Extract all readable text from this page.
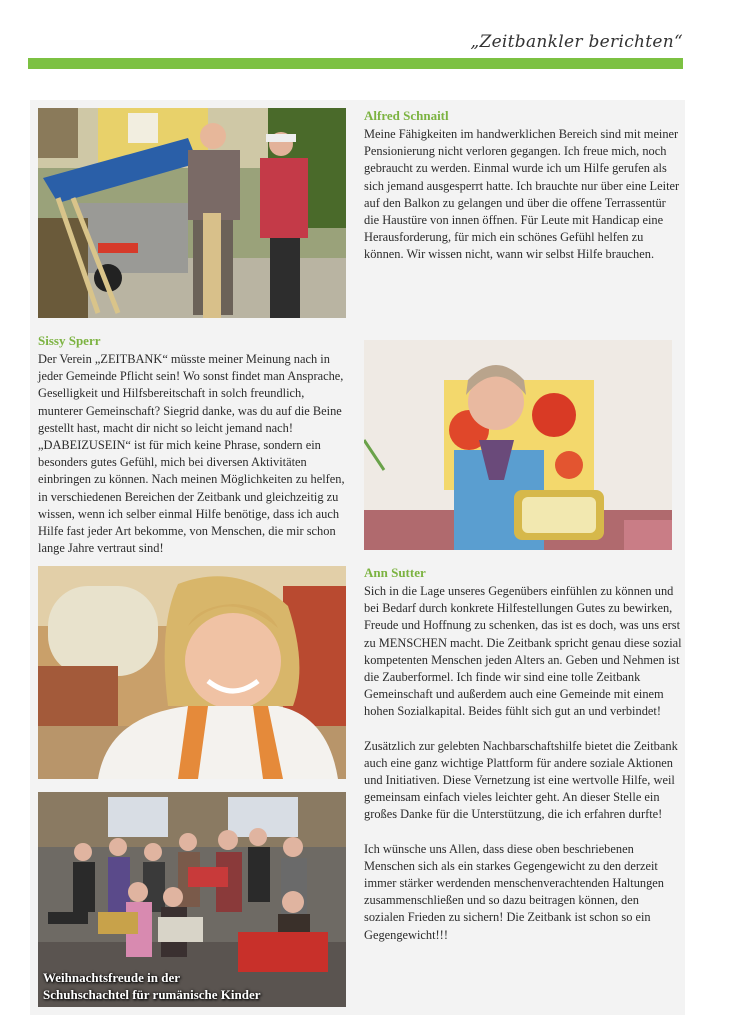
„Zeitbankler berichten“

Alfred Schnaitl

Meine Fähigkeiten im handwerklichen Bereich sind mit meiner Pensionierung nicht verloren gegangen. Ich freue mich, noch gebraucht zu werden. Einmal wurde ich um Hilfe gerufen als sich jemand ausgesperrt hatte. Ich brauchte nur über eine Leiter auf den Balkon zu gelangen und über die offene Terrassentür die Haustüre von innen öffnen. Für Leute mit Handicap eine Herausforderung, für mich ein schönes Gefühl helfen zu können. Wir wissen nicht, wann wir selbst Hilfe brauchen.

Sissy Sperr

Der Verein „ZEITBANK“ müsste meiner Meinung nach in jeder Gemeinde Pflicht sein! Wo sonst findet man Ansprache, Geselligkeit und Hilfsbereitschaft in solch freundlich, munterer Gemeinschaft? Siegrid danke, was du auf die Beine gestellt hast, macht dir nicht so leicht jemand nach! „DABEIZUSEIN“ ist für mich keine Phrase, sondern ein besonders gutes Gefühl, mich bei diversen Aktivitäten einbringen zu können. Nach meinen Möglichkeiten zu helfen, in verschiedenen Bereichen der Zeitbank und gleichzeitig zu wissen, wenn ich selber einmal Hilfe benötige, dass ich auch Hilfe fast jeder Art bekomme, von Menschen, die mir schon lange Jahre vertraut sind!

Ann Sutter

Sich in die Lage unseres Gegenübers einfühlen zu können und bei Bedarf durch konkrete Hilfestellungen Gutes zu bewirken, Freude und Hoffnung zu schenken, das ist es doch, was uns erst zu MENSCHEN macht. Die Zeitbank spricht genau diese sozial kompetenten Menschen jeden Alters an. Geben und Nehmen ist die Zauberformel. Ich finde wir sind eine tolle Zeitbank Gemeinschaft und außerdem auch eine Gemeinde mit einem hohen Sozialkapital. Beides fühlt sich gut an und verbindet!

Zusätzlich zur gelebten Nachbarschaftshilfe bietet die Zeitbank auch eine ganz wichtige Plattform für andere soziale Aktionen und Initiativen. Diese Vernetzung ist eine wertvolle Hilfe, weil gemeinsam einfach vieles leichter geht. An dieser Stelle ein großes Danke für die Unterstützung, die ich erfahren durfte!

Ich wünsche uns Allen, dass diese oben beschriebenen Menschen sich als ein starkes Gegengewicht zu den derzeit immer stärker werdenden menschenverachtenden Haltungen zusammenschließen und so dazu beitragen können, den sozialen Frieden zu sichern! Die Zeitbank ist schon so ein Gegengewicht!!!

Weihnachtsfreude in der
Schuhschachtel für rumänische Kinder
